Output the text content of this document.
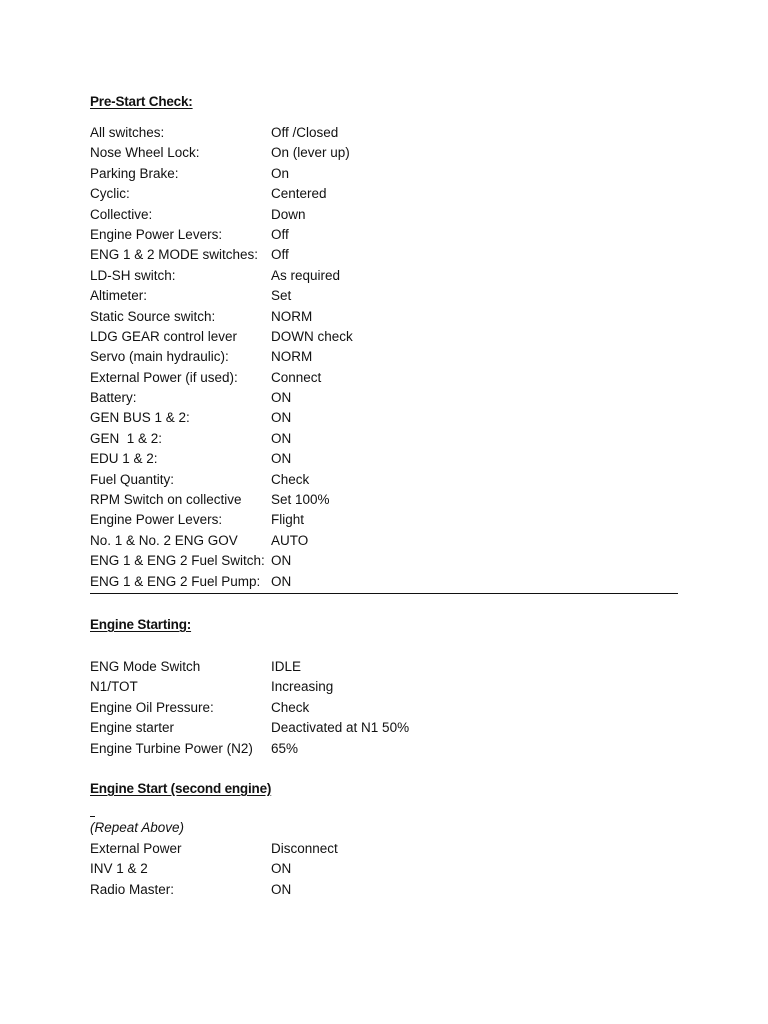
Pre-Start Check:
All switches:	Off /Closed
Nose Wheel Lock:	On (lever up)
Parking Brake:	On
Cyclic:	Centered
Collective:	Down
Engine Power Levers:	Off
ENG 1 & 2 MODE switches: Off
LD-SH switch:	As required
Altimeter:	Set
Static Source switch:	NORM
LDG GEAR control lever	DOWN check
Servo (main hydraulic):	NORM
External Power (if used):	Connect
Battery:	ON
GEN BUS 1 & 2:	ON
GEN  1 & 2:	ON
EDU 1 & 2:	ON
Fuel Quantity:	Check
RPM Switch on collective	Set 100%
Engine Power Levers:	Flight
No. 1 & No. 2 ENG GOV	AUTO
ENG 1 & ENG 2 Fuel Switch: ON
ENG 1 & ENG 2 Fuel Pump: ON
Engine Starting:
ENG Mode Switch	IDLE
N1/TOT	Increasing
Engine Oil Pressure:	Check
Engine starter	Deactivated at N1 50%
Engine Turbine Power (N2)	65%
Engine Start (second engine)
(Repeat Above)
External Power	Disconnect
INV 1 & 2	ON
Radio Master:	ON
